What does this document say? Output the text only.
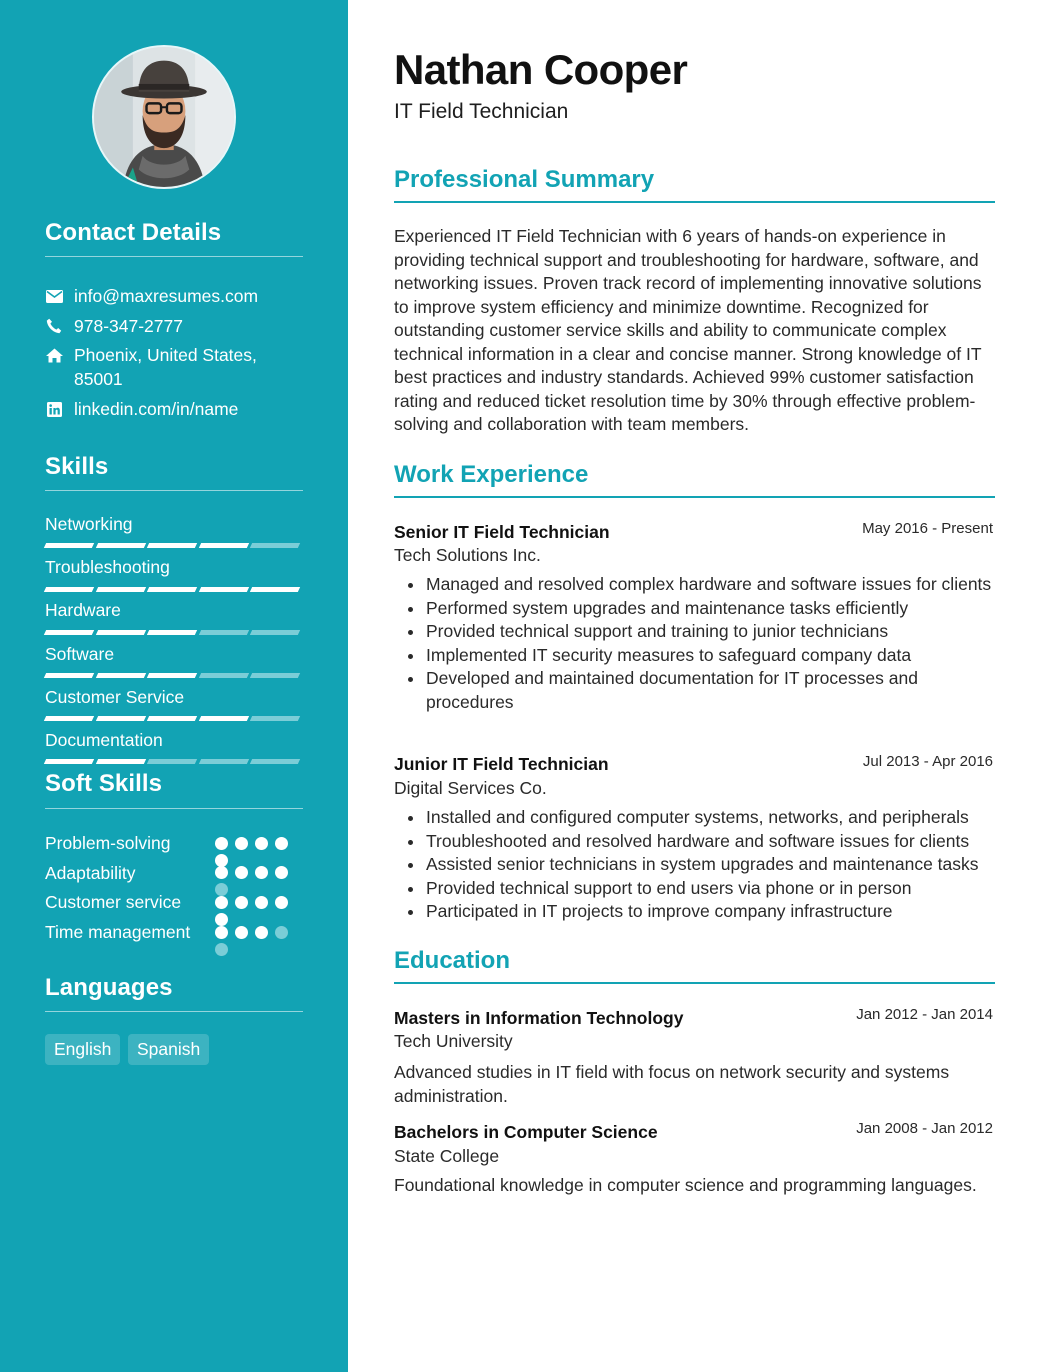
Contact Details
info@maxresumes.com
978-347-2777
Phoenix, United States, 85001
linkedin.com/in/name
Skills
Networking
Troubleshooting
Hardware
Software
Customer Service
Documentation
Soft Skills
Problem-solving
Adaptability
Customer service
Time management
Languages
English	Spanish
Nathan Cooper
IT Field Technician
Professional Summary

Experienced IT Field Technician with 6 years of hands-on experience in providing technical support and troubleshooting for hardware, software, and networking issues. Proven track record of implementing innovative solutions to improve system efficiency and minimize downtime. Recognized for outstanding customer service skills and ability to communicate complex technical information in a clear and concise manner. Strong knowledge of IT best practices and industry standards. Achieved 99% customer satisfaction rating and reduced ticket resolution time by 30% through effective problem-solving and collaboration with team members.

Work Experience
Senior IT Field Technician	May 2016 - Present
Tech Solutions Inc.
Managed and resolved complex hardware and software issues for clients
Performed system upgrades and maintenance tasks efficiently
Provided technical support and training to junior technicians
Implemented IT security measures to safeguard company data
Developed and maintained documentation for IT processes and procedures
Junior IT Field Technician	Jul 2013 - Apr 2016
Digital Services Co.
Installed and configured computer systems, networks, and peripherals
Troubleshooted and resolved hardware and software issues for clients
Assisted senior technicians in system upgrades and maintenance tasks
Provided technical support to end users via phone or in person
Participated in IT projects to improve company infrastructure
Education
Masters in Information Technology	Jan 2012 - Jan 2014
Tech University

Advanced studies in IT field with focus on network security and systems administration.

Bachelors in Computer Science	Jan 2008 - Jan 2012
State College

Foundational knowledge in computer science and programming languages.
